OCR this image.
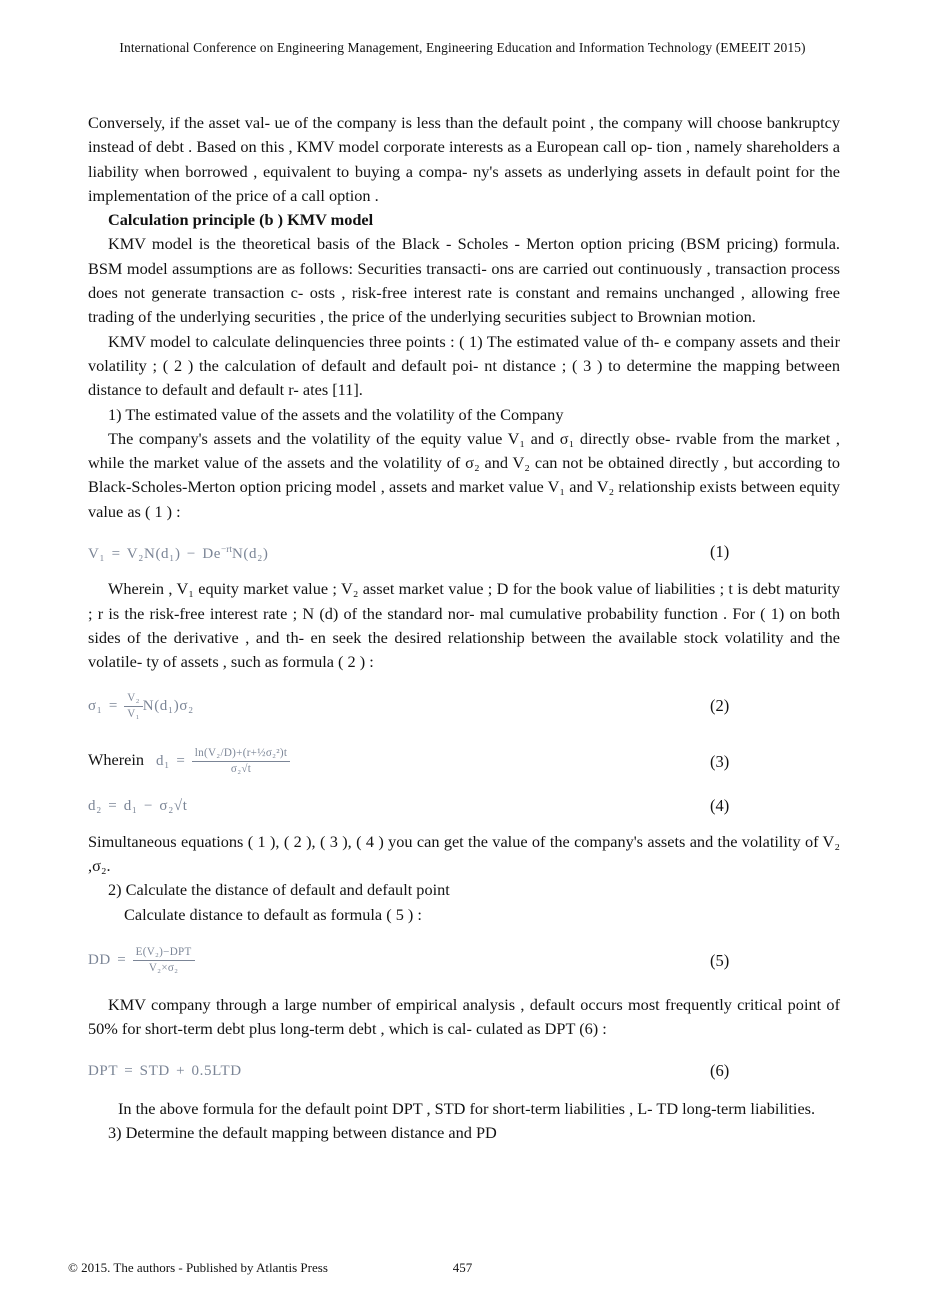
International Conference on Engineering Management, Engineering Education and Information Technology (EMEEIT 2015)

Conversely, if the asset val- ue of the company is less than the default point , the company will choose bankruptcy instead of debt . Based on this , KMV model corporate interests as a European call op- tion , namely shareholders a liability when borrowed , equivalent to buying a compa- ny's assets as underlying assets in default point for the implementation of the price of a call option .

Calculation principle (b ) KMV model

KMV model is the theoretical basis of the Black - Scholes - Merton option pricing (BSM pricing) formula. BSM model assumptions are as follows: Securities transacti- ons are carried out continuously , transaction process does not generate transaction c- osts , risk-free interest rate is constant and remains unchanged , allowing free trading of the underlying securities , the price of the underlying securities subject to Brownian motion.

KMV model to calculate delinquencies three points : ( 1) The estimated value of th- e company assets and their volatility ; ( 2 ) the calculation of default and default poi- nt distance ; ( 3 ) to determine the mapping between distance to default and default r- ates [11].

1) The estimated value of the assets and the volatility of the Company

The company's assets and the volatility of the equity value V₁ and σ₁ directly obse- rvable from the market , while the market value of the assets and the volatility of σ₂ and V₂ can not be obtained directly , but according to Black-Scholes-Merton option pricing model , assets and market value V₁ and V₂ relationship exists between equity value as ( 1 ) :

$V_1 = V_2N(d_1) - De^{-rt}N(d_2)$	(1)

Wherein , V₁ equity market value ; V₂ asset market value ; D for the book value of liabilities ; t is debt maturity ; r is the risk-free interest rate ; N (d) of the standard nor- mal cumulative probability function . For ( 1) on both sides of the derivative , and th- en seek the desired relationship between the available stock volatility and the volatile- ty of assets , such as formula ( 2 ) :

$\sigma_1 = \frac{\text{V₂}}{\text{V₁}} N(d_1)\sigma_2$	(2)
Wherein $d_1 = \frac{\text{ln(V₂/D)+(r+½σ₂²)t}}{\text{σ₂√t}}$	(3)
d₂ = d₁ − σ₂√t	(4)

Simultaneous equations ( 1 ), ( 2 ), ( 3 ), ( 4 ) you can get the value of the company's assets and the volatility of V₂ ,σ₂.

2) Calculate the distance of default and default point

Calculate distance to default as formula ( 5 ) :

DD = $\frac{\text{E(V₂)−DPT}}{\text{V₂×σ₂}}$	(5)

KMV company through a large number of empirical analysis , default occurs most frequently critical point of 50% for short-term debt plus long-term debt , which is cal- culated as DPT (6) :

DPT = STD + 0.5LTD	(6)

In the above formula for the default point DPT , STD for short-term liabilities , L- TD long-term liabilities.

3) Determine the default mapping between distance and PD

© 2015. The authors - Published by Atlantis Press	457
